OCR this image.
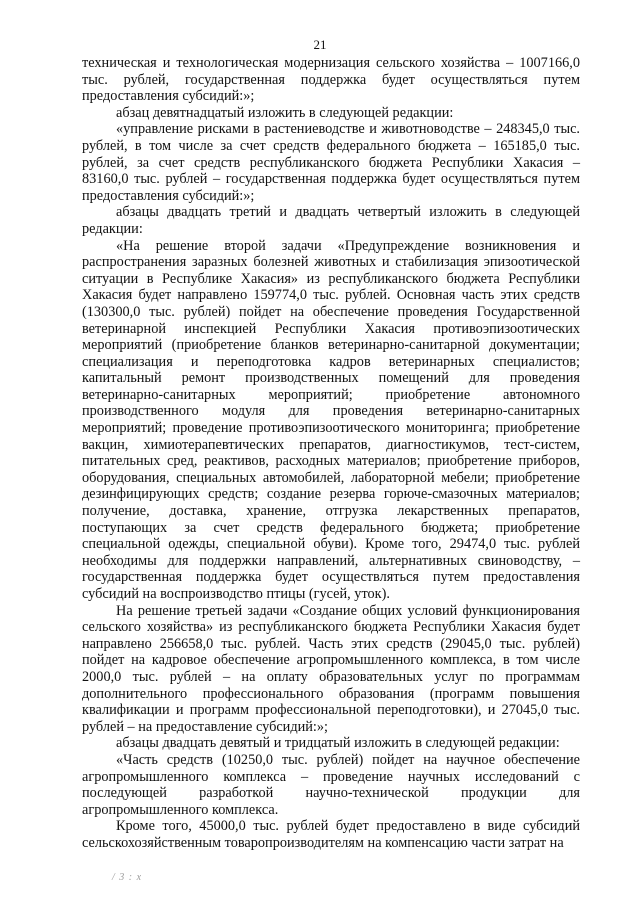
21

техническая и технологическая модернизация сельского хозяйства – 1007166,0 тыс. рублей, государственная поддержка будет осуществляться путем предоставления субсидий:»;

абзац девятнадцатый изложить в следующей редакции:

«управление рисками в растениеводстве и животноводстве – 248345,0 тыс. рублей, в том числе за счет средств федерального бюджета – 165185,0 тыс. рублей, за счет средств республиканского бюджета Республики Хакасия – 83160,0 тыс. рублей – государственная поддержка будет осуществляться путем предоставления субсидий:»;

абзацы двадцать третий и двадцать четвертый изложить в следующей редакции:

«На решение второй задачи «Предупреждение возникновения и распространения заразных болезней животных и стабилизация эпизоотической ситуации в Республике Хакасия» из республиканского бюджета Республики Хакасия будет направлено 159774,0 тыс. рублей. Основная часть этих средств (130300,0 тыс. рублей) пойдет на обеспечение проведения Государственной ветеринарной инспекцией Республики Хакасия противоэпизоотических мероприятий (приобретение бланков ветеринарно-санитарной документации; специализация и переподготовка кадров ветеринарных специалистов; капитальный ремонт производственных помещений для проведения ветеринарно-санитарных мероприятий; приобретение автономного производственного модуля для проведения ветеринарно-санитарных мероприятий; проведение противоэпизоотического мониторинга; приобретение вакцин, химиотерапевтических препаратов, диагностикумов, тест-систем, питательных сред, реактивов, расходных материалов; приобретение приборов, оборудования, специальных автомобилей, лабораторной мебели; приобретение дезинфицирующих средств; создание резерва горюче-смазочных материалов; получение, доставка, хранение, отгрузка лекарственных препаратов, поступающих за счет средств федерального бюджета; приобретение специальной одежды, специальной обуви). Кроме того, 29474,0 тыс. рублей необходимы для поддержки направлений, альтернативных свиноводству, – государственная поддержка будет осуществляться путем предоставления субсидий на воспроизводство птицы (гусей, уток).

На решение третьей задачи «Создание общих условий функционирования сельского хозяйства» из республиканского бюджета Республики Хакасия будет направлено 256658,0 тыс. рублей. Часть этих средств (29045,0 тыс. рублей) пойдет на кадровое обеспечение агропромышленного комплекса, в том числе 2000,0 тыс. рублей – на оплату образовательных услуг по программам дополнительного профессионального образования (программ повышения квалификации и программ профессиональной переподготовки), и 27045,0 тыс. рублей – на предоставление субсидий:»;

абзацы двадцать девятый и тридцатый изложить в следующей редакции:

«Часть средств (10250,0 тыс. рублей) пойдет на научное обеспечение агропромышленного комплекса – проведение научных исследований с последующей разработкой научно-технической продукции для агропромышленного комплекса.

Кроме того, 45000,0 тыс. рублей будет предоставлено в виде субсидий сельскохозяйственным товаропроизводителям на компенсацию части затрат на

/ 3 : х
